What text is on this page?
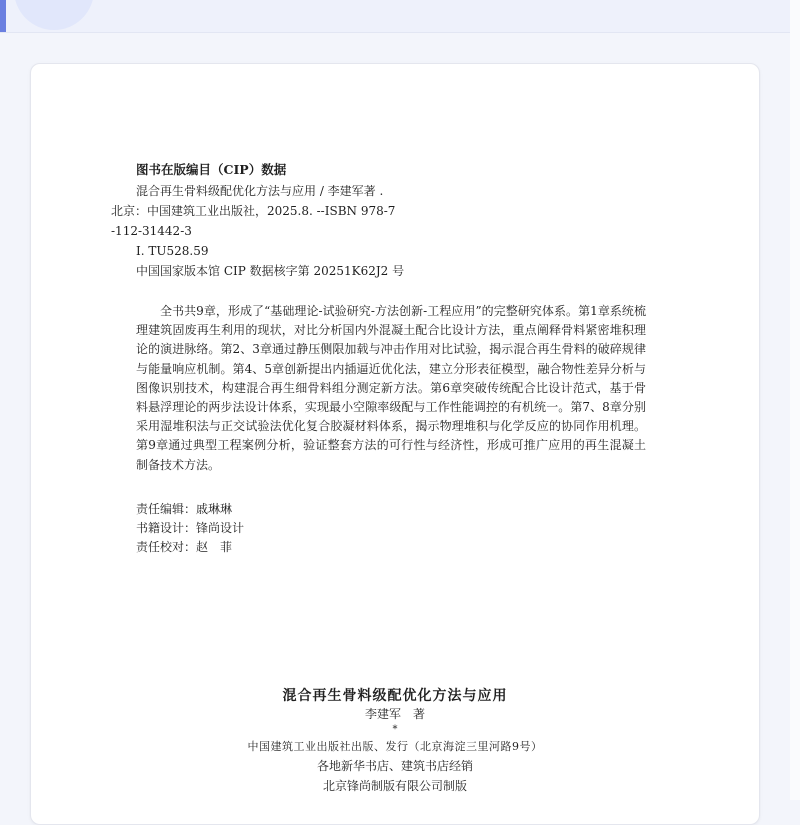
图书在版编目（CIP）数据
混合再生骨料级配优化方法与应用 / 李建军著 .
北京：中国建筑工业出版社，2025.8. --ISBN 978-7
-112-31442-3
Ⅰ. TU528.59
中国国家版本馆 CIP 数据核字第 20251K62J2 号
全书共9章，形成了“基础理论-试验研究-方法创新-工程应用”的完整研究体系。第1章系统梳理建筑固废再生利用的现状，对比分析国内外混凝土配合比设计方法，重点阐释骨料紧密堆积理论的演进脉络。第2、3章通过静压侧限加载与冲击作用对比试验，揭示混合再生骨料的破碎规律与能量响应机制。第4、5章创新提出内插逼近优化法，建立分形表征模型，融合物性差异分析与图像识别技术，构建混合再生细骨料组分测定新方法。第6章突破传统配合比设计范式，基于骨料悬浮理论的两步法设计体系，实现最小空隙率级配与工作性能调控的有机统一。第7、8章分别采用湿堆积法与正交试验法优化复合胶凝材料体系，揭示物理堆积与化学反应的协同作用机理。第9章通过典型工程案例分析，验证整套方法的可行性与经济性，形成可推广应用的再生混凝土制备技术方法。
责任编辑：戚琳琳
书籍设计：锋尚设计
责任校对：赵　菲
混合再生骨料级配优化方法与应用
李建军　著
*
中国建筑工业出版社出版、发行（北京海淀三里河路9号）
各地新华书店、建筑书店经销
北京锋尚制版有限公司制版
